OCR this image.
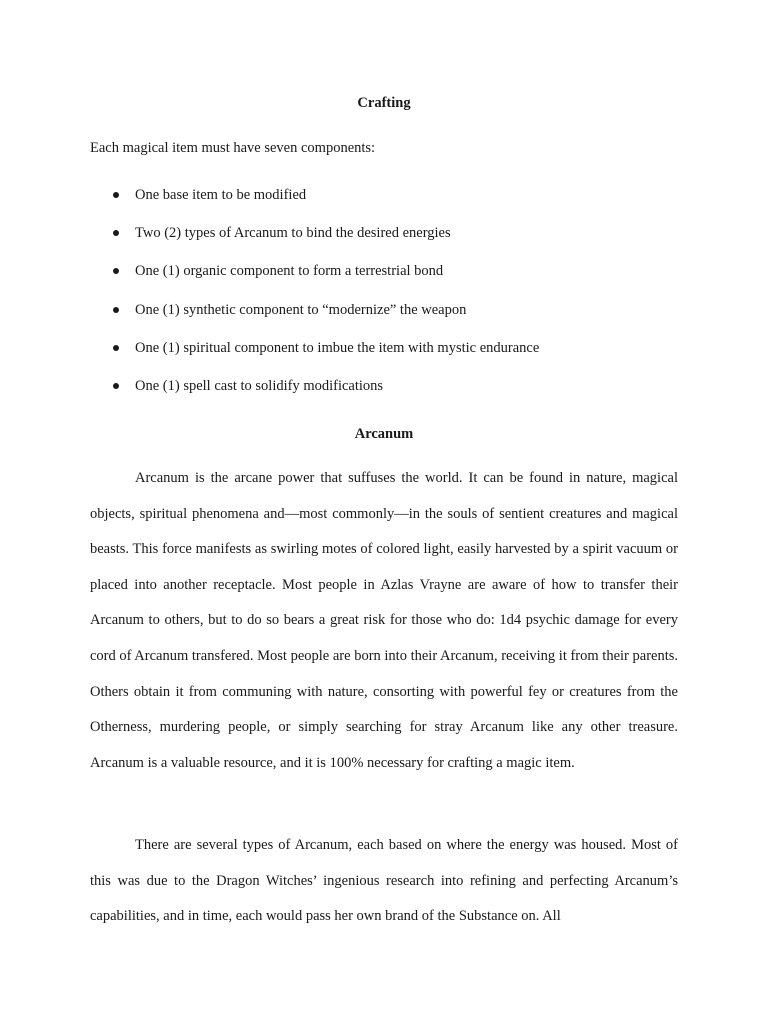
Crafting
Each magical item must have seven components:
One base item to be modified
Two (2) types of Arcanum to bind the desired energies
One (1) organic component to form a terrestrial bond
One (1) synthetic component to “modernize” the weapon
One (1) spiritual component to imbue the item with mystic endurance
One (1) spell cast to solidify modifications
Arcanum

Arcanum is the arcane power that suffuses the world. It can be found in nature, magical objects, spiritual phenomena and—most commonly—in the souls of sentient creatures and magical beasts. This force manifests as swirling motes of colored light, easily harvested by a spirit vacuum or placed into another receptacle. Most people in Azlas Vrayne are aware of how to transfer their Arcanum to others, but to do so bears a great risk for those who do: 1d4 psychic damage for every cord of Arcanum transfered. Most people are born into their Arcanum, receiving it from their parents. Others obtain it from communing with nature, consorting with powerful fey or creatures from the Otherness, murdering people, or simply searching for stray Arcanum like any other treasure. Arcanum is a valuable resource, and it is 100% necessary for crafting a magic item.

There are several types of Arcanum, each based on where the energy was housed. Most of this was due to the Dragon Witches’ ingenious research into refining and perfecting Arcanum’s capabilities, and in time, each would pass her own brand of the Substance on. All
